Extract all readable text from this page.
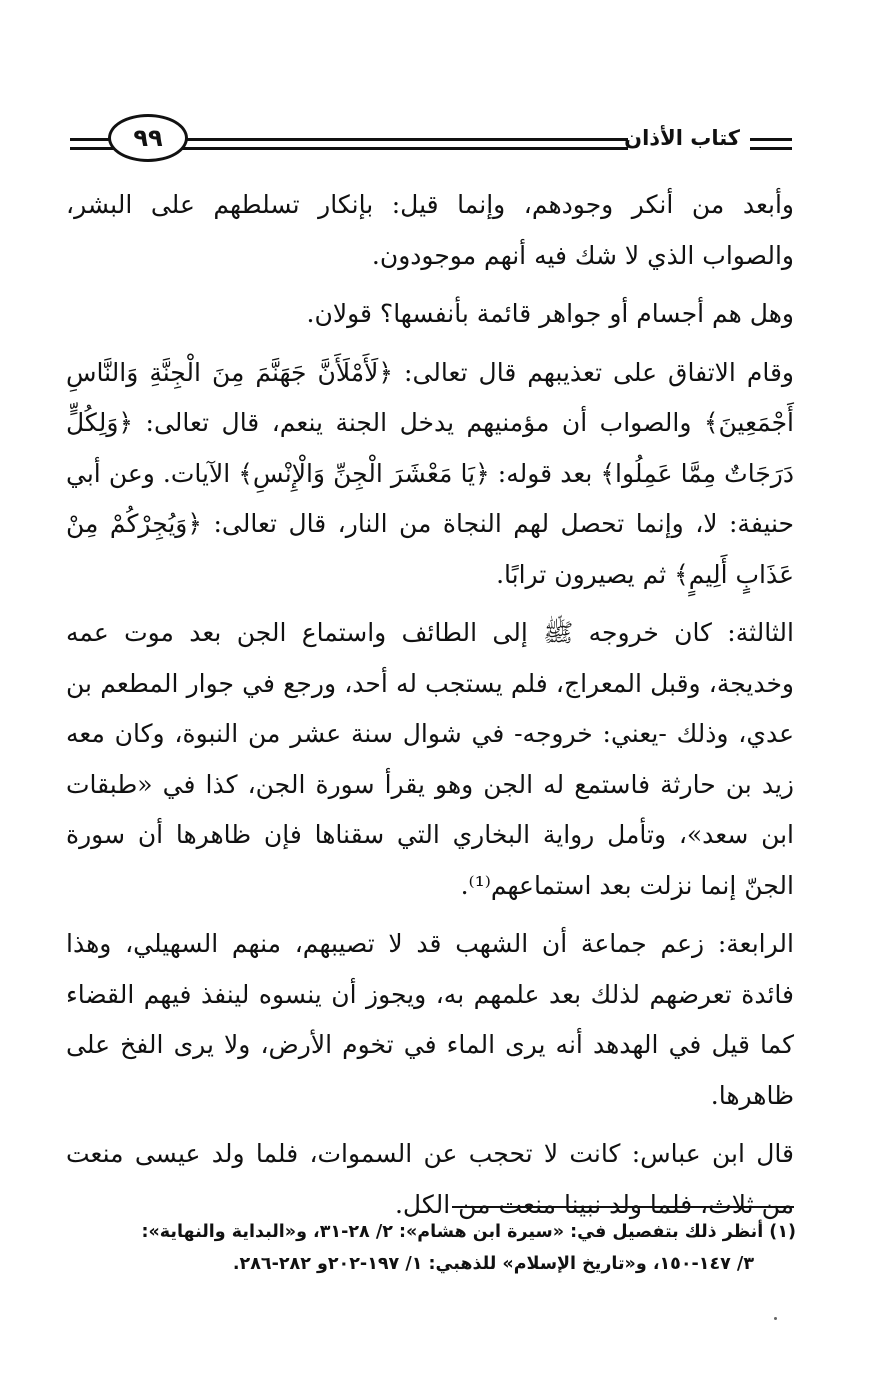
كتاب الأذان
٩٩

وأبعد من أنكر وجودهم، وإنما قيل: بإنكار تسلطهم على البشر، والصواب الذي لا شك فيه أنهم موجودون.

وهل هم أجسام أو جواهر قائمة بأنفسها؟ قولان.

وقام الاتفاق على تعذيبهم قال تعالى: ﴿لَأَمْلَأَنَّ جَهَنَّمَ مِنَ الْجِنَّةِ وَالنَّاسِ أَجْمَعِينَ﴾ والصواب أن مؤمنيهم يدخل الجنة ينعم، قال تعالى: ﴿وَلِكُلٍّ دَرَجَاتٌ مِمَّا عَمِلُوا﴾ بعد قوله: ﴿يَا مَعْشَرَ الْجِنِّ وَالْإِنْسِ﴾ الآيات. وعن أبي حنيفة: لا، وإنما تحصل لهم النجاة من النار، قال تعالى: ﴿وَيُجِرْكُمْ مِنْ عَذَابٍ أَلِيمٍ﴾ ثم يصيرون ترابًا.

الثالثة: كان خروجه ﷺ إلى الطائف واستماع الجن بعد موت عمه وخديجة، وقبل المعراج، فلم يستجب له أحد، ورجع في جوار المطعم بن عدي، وذلك -يعني: خروجه- في شوال سنة عشر من النبوة، وكان معه زيد بن حارثة فاستمع له الجن وهو يقرأ سورة الجن، كذا في «طبقات ابن سعد»، وتأمل رواية البخاري التي سقناها فإن ظاهرها أن سورة الجنّ إنما نزلت بعد استماعهم⁽¹⁾.

الرابعة: زعم جماعة أن الشهب قد لا تصيبهم، منهم السهيلي، وهذا فائدة تعرضهم لذلك بعد علمهم به، ويجوز أن ينسوه لينفذ فيهم القضاء كما قيل في الهدهد أنه يرى الماء في تخوم الأرض، ولا يرى الفخ على ظاهرها.

قال ابن عباس: كانت لا تحجب عن السموات، فلما ولد عيسى منعت من ثلاث، فلما ولد نبينا منعت من الكل.

(١) أنظر ذلك بتفصيل في: «سيرة ابن هشام»: ٢/ ٢٨-٣١، و«البداية والنهاية»:

٣/ ١٤٧-١٥٠، و«تاريخ الإسلام» للذهبي: ١/ ١٩٧-٢٠٢و ٢٨٢-٢٨٦.
